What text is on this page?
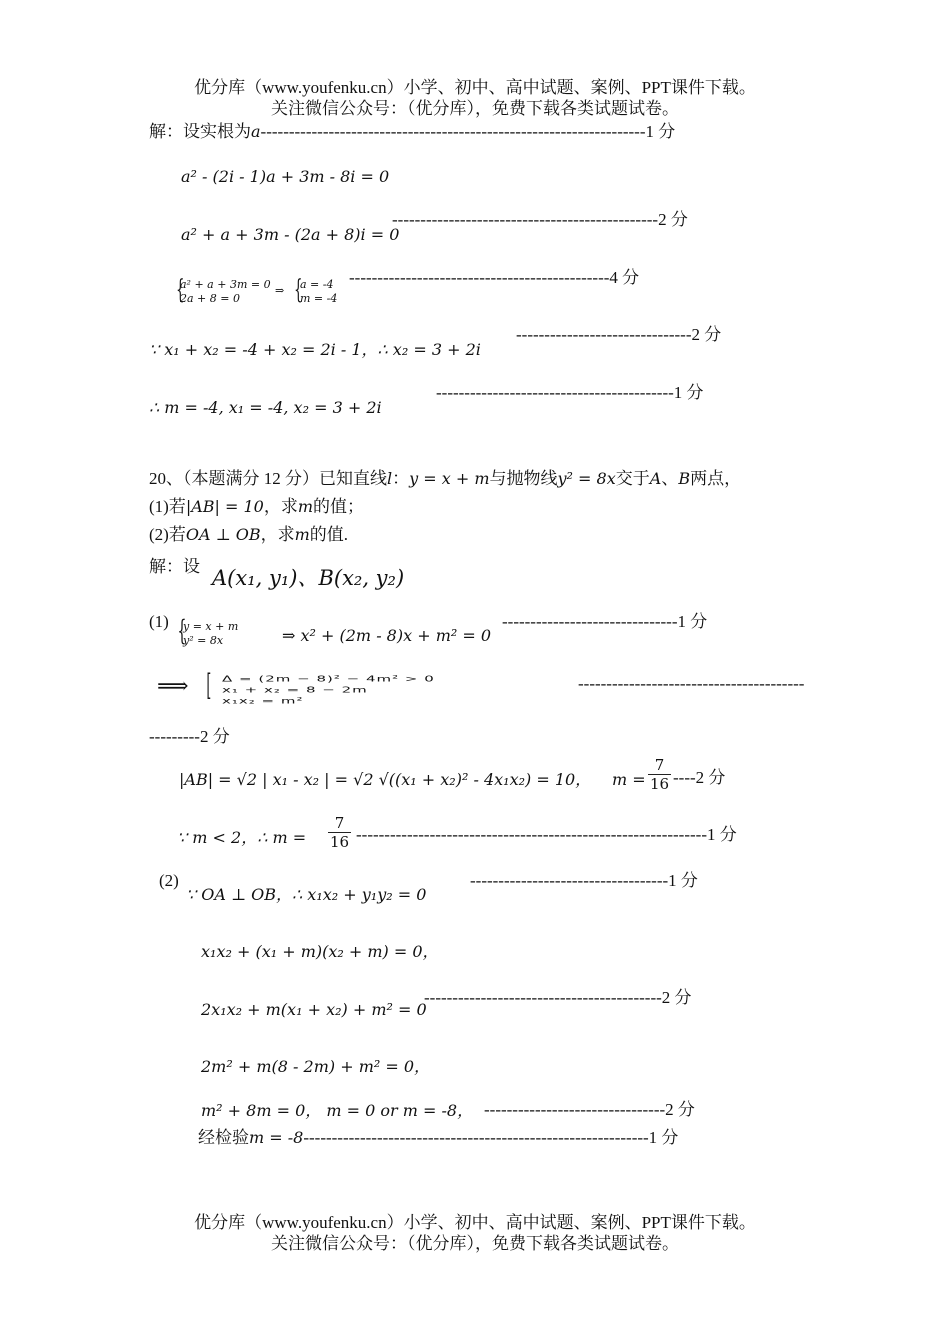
优分库（www.youfenku.cn）小学、初中、高中试题、案例、PPT课件下载。
关注微信公众号：（优分库），免费下载各类试题试卷。
解：设实根为a--------------------------------------------------------------------1 分
a² - (2i - 1)a + 3m - 8i = 0
a² + a + 3m - (2a + 8)i = 0
-----------------------------------------------2 分
{
a² + a + 3m = 0
2a + 8 = 0
⇒ {
a = -4
m = -4
----------------------------------------------4 分
∵ x₁ + x₂ = -4 + x₂ = 2i - 1，∴ x₂ = 3 + 2i
-------------------------------2 分
∴ m = -4, x₁ = -4, x₂ = 3 + 2i
------------------------------------------1 分
20、（本题满分 12 分）已知直线l：y = x + m与抛物线y² = 8x交于A、B两点，
(1)若|AB| = 10，求m的值；
(2)若OA ⊥ OB，求m的值.
解：设 A(x₁, y₁)、B(x₂, y₂)
(1) {
y = x + m
y² = 8x	⇒ x² + (2m - 8)x + m² = 0
-------------------------------1 分
⟹ [ Δ = (2m − 8)² − 4m² > 0
x₁ + x₂ = 8 − 2m
x₁x₂ = m²
----------------------------------------
---------2 分
|AB| = √2 | x₁ - x₂ | = √2 √((x₁ + x₂)² - 4x₁x₂) = 10， $m = \frac{7}{16} ----2$ 分
∵ m < 2，∴ $m = \frac{7}{16} --------------------------------------------------------------1$ 分
(2)
∵ OA ⊥ OB，∴ x₁x₂ + y₁y₂ = 0
-----------------------------------1 分
x₁x₂ + (x₁ + m)(x₂ + m) = 0，
2x₁x₂ + m(x₁ + x₂) + m² = 0
------------------------------------------2 分
2m² + m(8 - 2m) + m² = 0，
m² + 8m = 0， m = 0 or m = -8， --------------------------------2 分
经检验m = -8-------------------------------------------------------------1 分
优分库（www.youfenku.cn）小学、初中、高中试题、案例、PPT课件下载。
关注微信公众号：（优分库），免费下载各类试题试卷。
